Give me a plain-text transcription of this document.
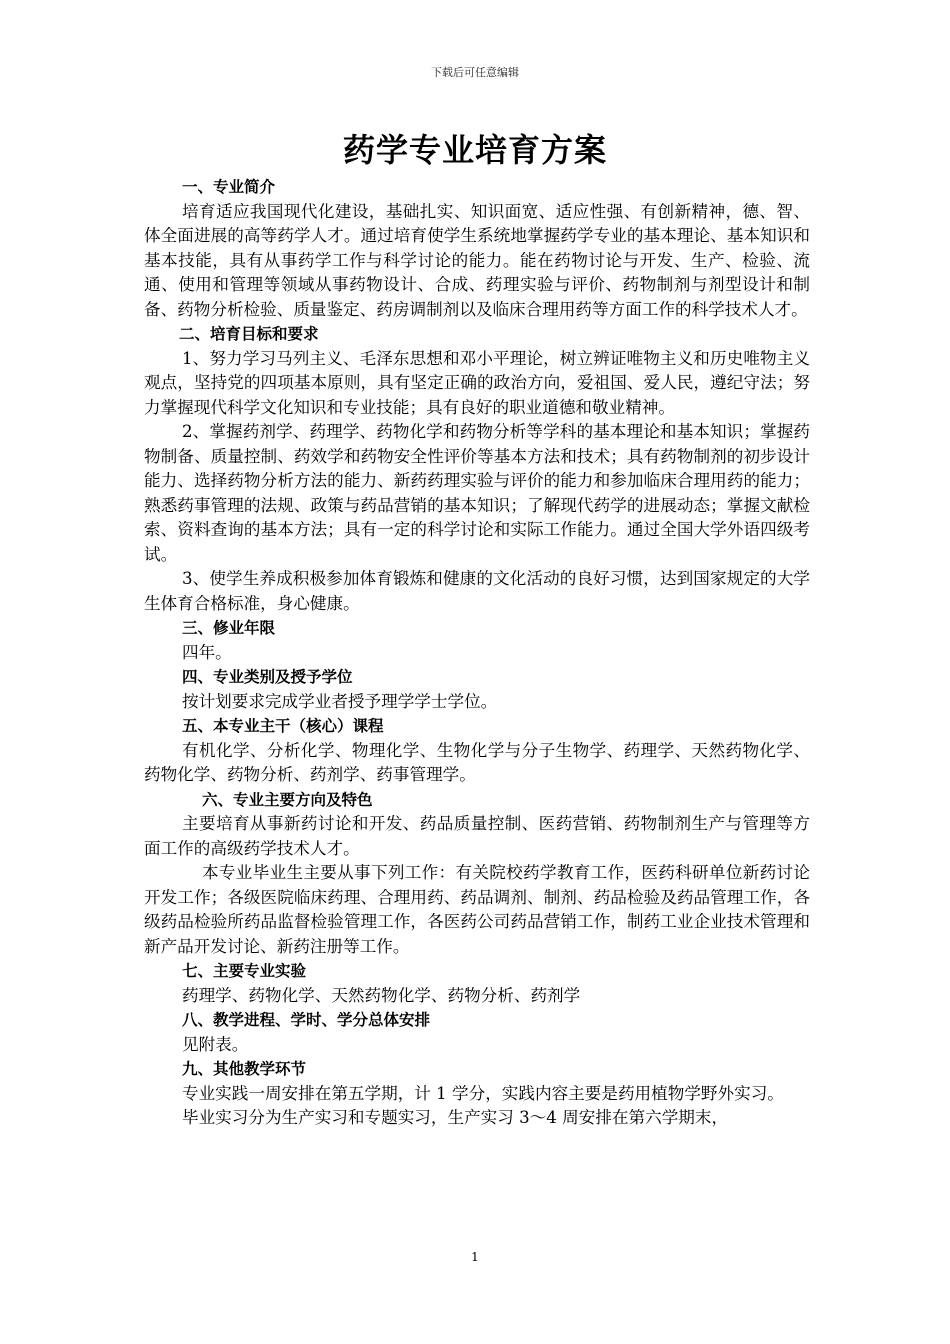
下载后可任意编辑
药学专业培育方案
一、专业简介

培育适应我国现代化建设，基础扎实、知识面宽、适应性强、有创新精神，德、智、体全面进展的高等药学人才。通过培育使学生系统地掌握药学专业的基本理论、基本知识和基本技能，具有从事药学工作与科学讨论的能力。能在药物讨论与开发、生产、检验、流通、使用和管理等领域从事药物设计、合成、药理实验与评价、药物制剂与剂型设计和制备、药物分析检验、质量鉴定、药房调制剂以及临床合理用药等方面工作的科学技术人才。

二、培育目标和要求

1、努力学习马列主义、毛泽东思想和邓小平理论，树立辨证唯物主义和历史唯物主义观点，坚持党的四项基本原则，具有坚定正确的政治方向，爱祖国、爱人民，遵纪守法；努力掌握现代科学文化知识和专业技能；具有良好的职业道德和敬业精神。

2、掌握药剂学、药理学、药物化学和药物分析等学科的基本理论和基本知识；掌握药物制备、质量控制、药效学和药物安全性评价等基本方法和技术；具有药物制剂的初步设计能力、选择药物分析方法的能力、新药药理实验与评价的能力和参加临床合理用药的能力；熟悉药事管理的法规、政策与药品营销的基本知识；了解现代药学的进展动态；掌握文献检索、资料查询的基本方法；具有一定的科学讨论和实际工作能力。通过全国大学外语四级考试。

3、使学生养成积极参加体育锻炼和健康的文化活动的良好习惯，达到国家规定的大学生体育合格标准，身心健康。

三、修业年限

四年。

四、专业类别及授予学位

按计划要求完成学业者授予理学学士学位。

五、本专业主干（核心）课程

有机化学、分析化学、物理化学、生物化学与分子生物学、药理学、天然药物化学、药物化学、药物分析、药剂学、药事管理学。

六、专业主要方向及特色

主要培育从事新药讨论和开发、药品质量控制、医药营销、药物制剂生产与管理等方面工作的高级药学技术人才。

本专业毕业生主要从事下列工作：有关院校药学教育工作，医药科研单位新药讨论开发工作；各级医院临床药理、合理用药、药品调剂、制剂、药品检验及药品管理工作，各级药品检验所药品监督检验管理工作，各医药公司药品营销工作，制药工业企业技术管理和新产品开发讨论、新药注册等工作。

七、主要专业实验

药理学、药物化学、天然药物化学、药物分析、药剂学

八、教学进程、学时、学分总体安排

见附表。

九、其他教学环节

专业实践一周安排在第五学期，计 1 学分，实践内容主要是药用植物学野外实习。

毕业实习分为生产实习和专题实习，生产实习 3～4 周安排在第六学期末，

1
